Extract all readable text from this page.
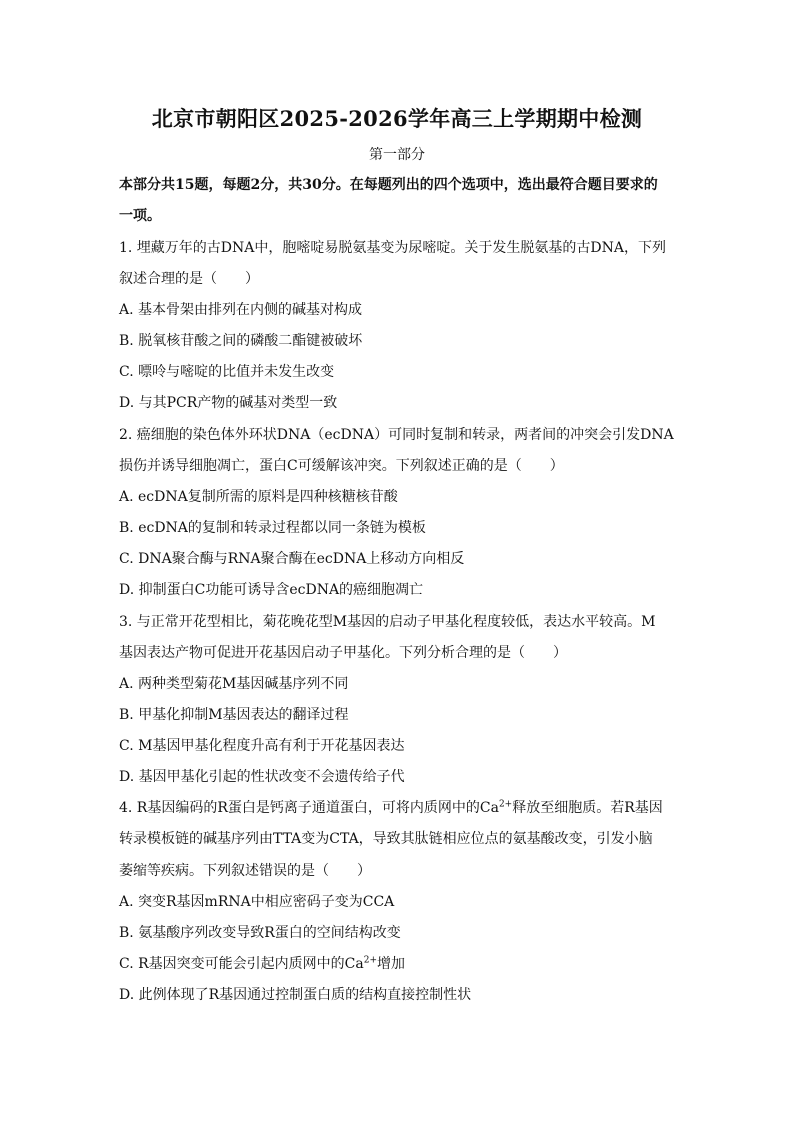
北京市朝阳区2025-2026学年高三上学期期中检测
第一部分
本部分共15题，每题2分，共30分。在每题列出的四个选项中，选出最符合题目要求的
一项。
1. 埋藏万年的古DNA中，胞嘧啶易脱氨基变为尿嘧啶。关于发生脱氨基的古DNA，下列
叙述合理的是（　　）
A. 基本骨架由排列在内侧的碱基对构成
B. 脱氧核苷酸之间的磷酸二酯键被破坏
C. 嘌呤与嘧啶的比值并未发生改变
D. 与其PCR产物的碱基对类型一致
2. 癌细胞的染色体外环状DNA（ecDNA）可同时复制和转录，两者间的冲突会引发DNA
损伤并诱导细胞凋亡，蛋白C可缓解该冲突。下列叙述正确的是（　　）
A. ecDNA复制所需的原料是四种核糖核苷酸
B. ecDNA的复制和转录过程都以同一条链为模板
C. DNA聚合酶与RNA聚合酶在ecDNA上移动方向相反
D. 抑制蛋白C功能可诱导含ecDNA的癌细胞凋亡
3. 与正常开花型相比，菊花晚花型M基因的启动子甲基化程度较低，表达水平较高。M
基因表达产物可促进开花基因启动子甲基化。下列分析合理的是（　　）
A. 两种类型菊花M基因碱基序列不同
B. 甲基化抑制M基因表达的翻译过程
C. M基因甲基化程度升高有利于开花基因表达
D. 基因甲基化引起的性状改变不会遗传给子代
4. R基因编码的R蛋白是钙离子通道蛋白，可将内质网中的$Ca^{2+}$释放至细胞质。若R基因
转录模板链的碱基序列由TTA变为CTA，导致其肽链相应位点的氨基酸改变，引发小脑
萎缩等疾病。下列叙述错误的是（　　）
A. 突变R基因mRNA中相应密码子变为CCA
B. 氨基酸序列改变导致R蛋白的空间结构改变
C. R基因突变可能会引起内质网中的$Ca^{2+}$增加
D. 此例体现了R基因通过控制蛋白质的结构直接控制性状
